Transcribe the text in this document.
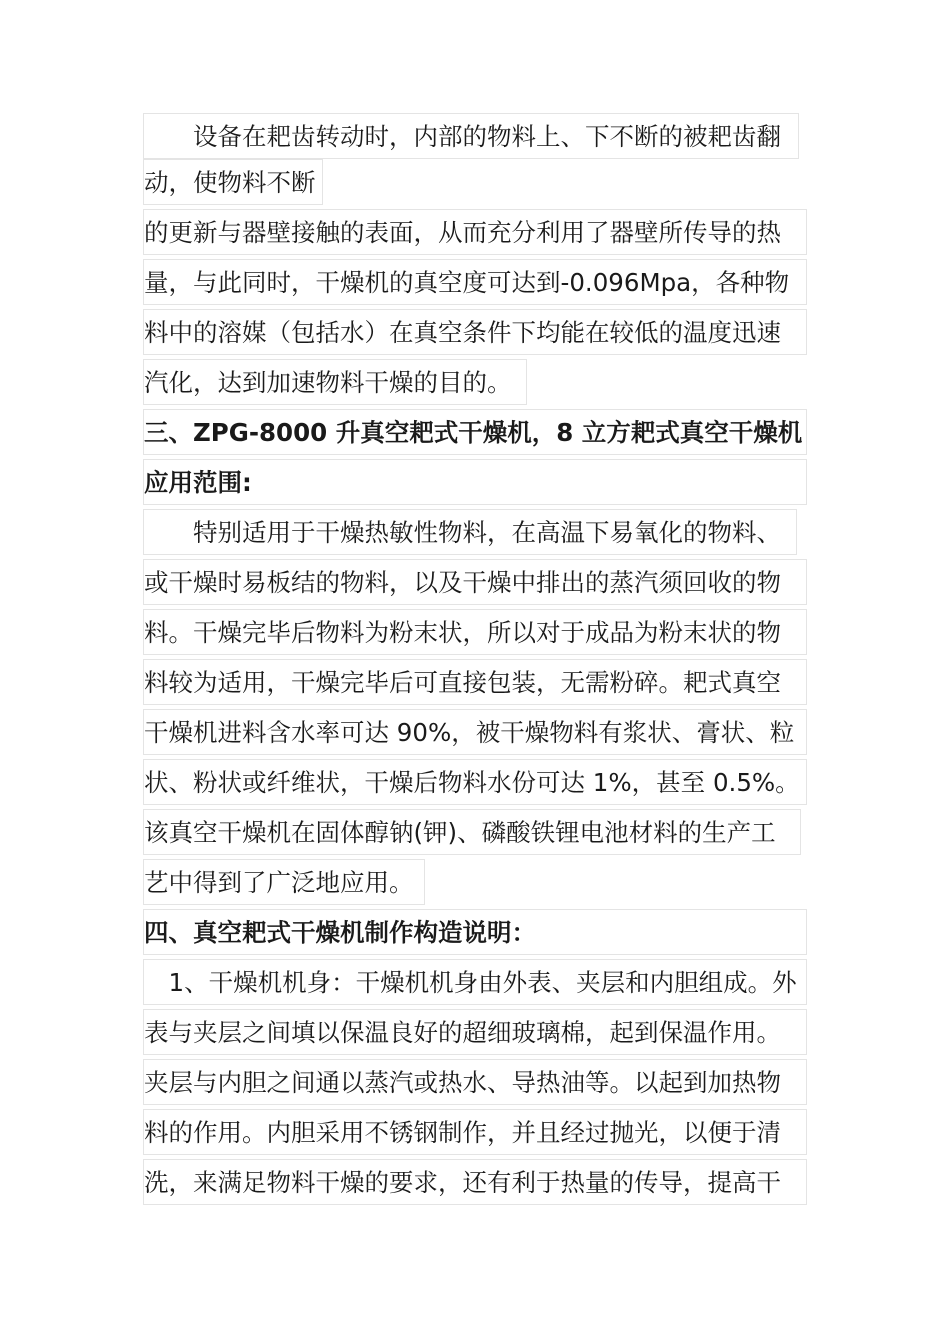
　　设备在耙齿转动时，内部的物料上、下不断的被耙齿翻
动，使物料不断
的更新与器壁接触的表面，从而充分利用了器壁所传导的热
量，与此同时，干燥机的真空度可达到-0.096Mpa，各种物
料中的溶媒（包括水）在真空条件下均能在较低的温度迅速
汽化，达到加速物料干燥的目的。
三、ZPG-8000 升真空耙式干燥机，8 立方耙式真空干燥机
应用范围:
　　特别适用于干燥热敏性物料，在高温下易氧化的物料、
或干燥时易板结的物料，以及干燥中排出的蒸汽须回收的物
料。干燥完毕后物料为粉末状，所以对于成品为粉末状的物
料较为适用，干燥完毕后可直接包装，无需粉碎。耙式真空
干燥机进料含水率可达 90%，被干燥物料有浆状、膏状、粒
状、粉状或纤维状，干燥后物料水份可达 1%，甚至 0.5%。
该真空干燥机在固体醇钠(钾)、磷酸铁锂电池材料的生产工
艺中得到了广泛地应用。
四、真空耙式干燥机制作构造说明：
　1、干燥机机身：干燥机机身由外表、夹层和内胆组成。外
表与夹层之间填以保温良好的超细玻璃棉，起到保温作用。
夹层与内胆之间通以蒸汽或热水、导热油等。以起到加热物
料的作用。内胆采用不锈钢制作，并且经过抛光，以便于清
洗，来满足物料干燥的要求，还有利于热量的传导，提高干
